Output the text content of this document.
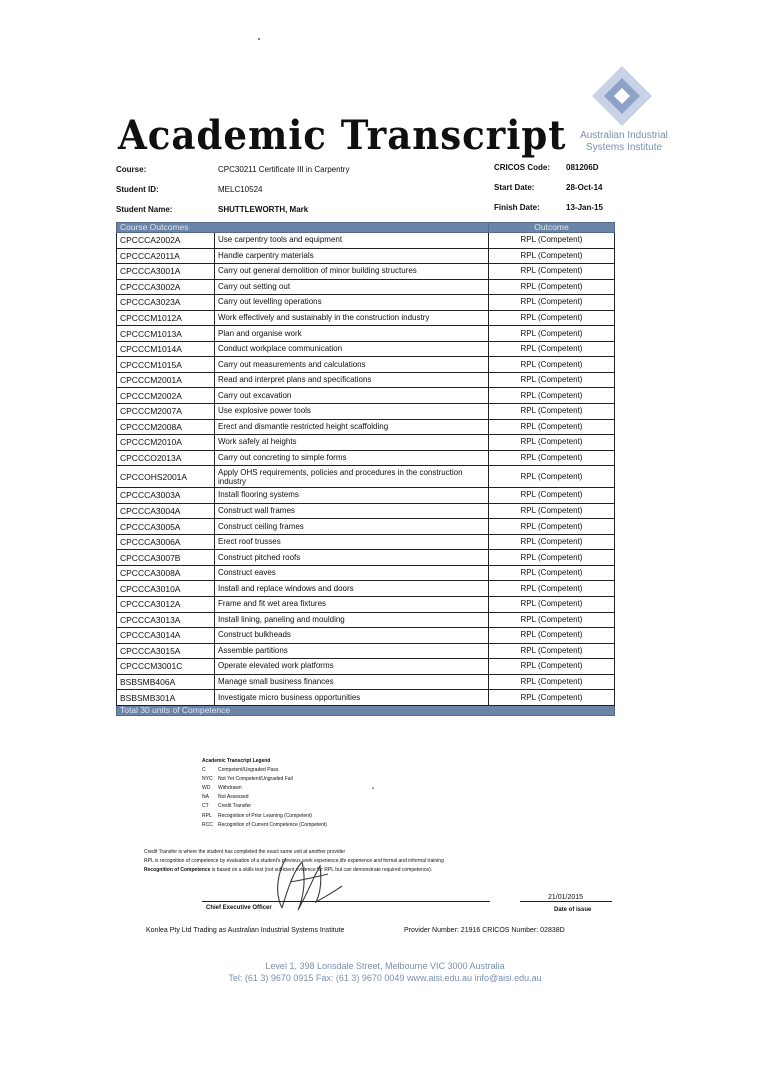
Academic Transcript	Australian Industrial
Systems Institute
Course:	CPC30211 Certificate III in Carpentry
Student ID:	MELC10524
Student Name:	SHUTTLEWORTH, Mark
CRICOS Code: 081206D
Start Date:	28-Oct-14
Finish Date:	13-Jan-15
Course Outcomes		Outcome
CPCCCA2002A	Use carpentry tools and equipment	RPL (Competent)
CPCCCA2011A	Handle carpentry materials	RPL (Competent)
CPCCCA3001A	Carry out general demolition of minor building structures	RPL (Competent)
CPCCCA3002A	Carry out setting out	RPL (Competent)
CPCCCA3023A	Carry out levelling operations	RPL (Competent)
CPCCCM1012A	Work effectively and sustainably in the construction industry	RPL (Competent)
CPCCCM1013A	Plan and organise work	RPL (Competent)
CPCCCM1014A	Conduct workplace communication	RPL (Competent)
CPCCCM1015A	Carry out measurements and calculations	RPL (Competent)
CPCCCM2001A	Read and interpret plans and specifications	RPL (Competent)
CPCCCM2002A	Carry out excavation	RPL (Competent)
CPCCCM2007A	Use explosive power tools	RPL (Competent)
CPCCCM2008A	Erect and dismantle restricted height scaffolding	RPL (Competent)
CPCCCM2010A	Work safely at heights	RPL (Competent)
CPCCCO2013A	Carry out concreting to simple forms	RPL (Competent)
CPCCOHS2001A	Apply OHS requirements, policies and procedures in the construction industry	RPL (Competent)
CPCCCA3003A	Install flooring systems	RPL (Competent)
CPCCCA3004A	Construct wall frames	RPL (Competent)
CPCCCA3005A	Construct ceiling frames	RPL (Competent)
CPCCCA3006A	Erect roof trusses	RPL (Competent)
CPCCCA3007B	Construct pitched roofs	RPL (Competent)
CPCCCA3008A	Construct eaves	RPL (Competent)
CPCCCA3010A	Install and replace windows and doors	RPL (Competent)
CPCCCA3012A	Frame and fit wet area fixtures	RPL (Competent)
CPCCCA3013A	Install lining, paneling and moulding	RPL (Competent)
CPCCCA3014A	Construct bulkheads	RPL (Competent)
CPCCCA3015A	Assemble partitions	RPL (Competent)
CPCCCM3001C	Operate elevated work platforms	RPL (Competent)
BSBSMB406A	Manage small business finances	RPL (Competent)
BSBSMB301A	Investigate micro business opportunities	RPL (Competent)
Total 30 units of Competence		
Academic Transcript Legend
C Competent/Ungraded Pass
NYC Not Yet Competent/Ungraded Fail
WD Withdrawn
NA Not Assessed
CT Credit Transfer
RPL Recognition of Prior Learning (Competent)
RCC Recognition of Current Competence (Competent)
ʻ
Credit Transfer is where the student has completed the exact same unit at another provider
RPL is recognition of competence by evaluation of a student's previous work experience,life experience and formal and informal training
Recognition of Competence is based on a skills test (not sufficient evidence for RPL but can demonstrate required competence).
Chief Executive Officer
21/01/2015
Date of issue
Konlea Pty Ltd Trading as Australian Industrial Systems Institute	Provider Number: 21916 CRICOS Number: 02838D
Level 1, 398 Lonsdale Street, Melbourne VIC 3000 Australia
Tel: (61 3) 9670 0915 Fax: (61 3) 9670 0049 www.aisi.edu.au info@aisi.edu.au
